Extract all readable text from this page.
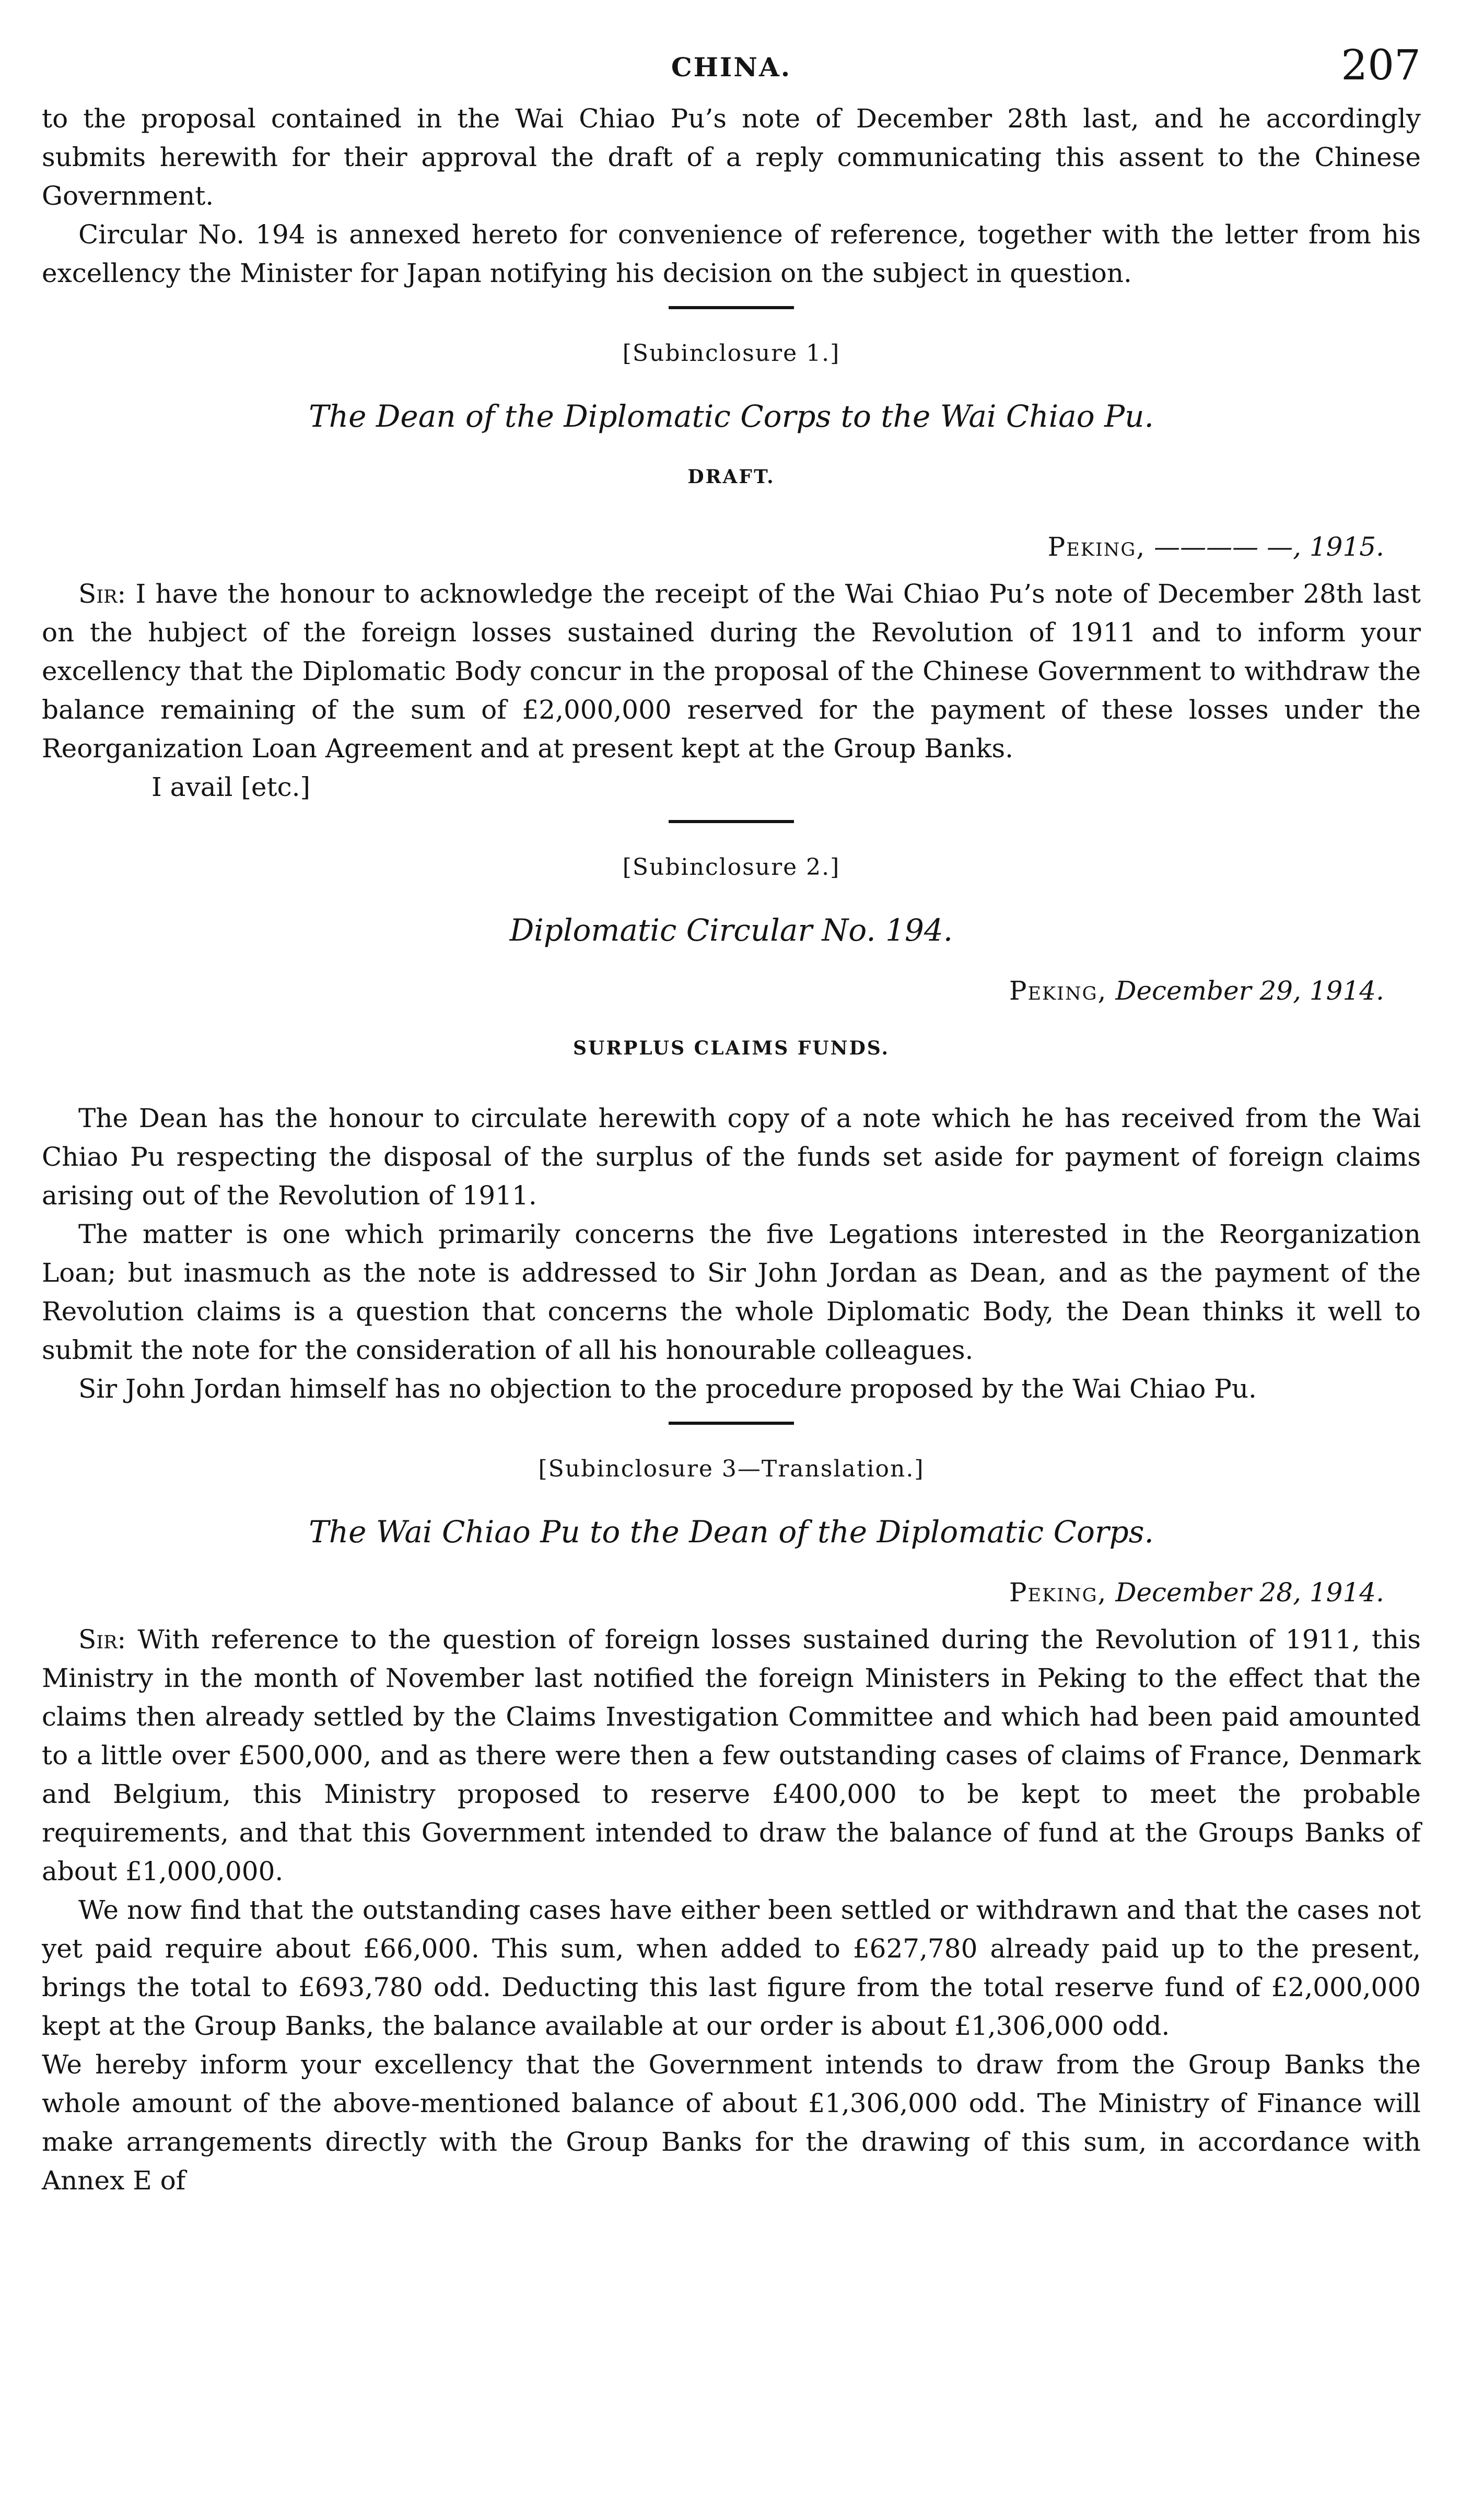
CHINA.	207

to the proposal contained in the Wai Chiao Pu’s note of December 28th last, and he accordingly submits herewith for their approval the draft of a reply communicating this assent to the Chinese Government.

Circular No. 194 is annexed hereto for convenience of reference, together with the letter from his excellency the Minister for Japan notifying his decision on the subject in question.

[Subinclosure 1.]
The Dean of the Diplomatic Corps to the Wai Chiao Pu.
DRAFT.
Peking, ———— —, 1915.

Sir: I have the honour to acknowledge the receipt of the Wai Chiao Pu’s note of December 28th last on the hubject of the foreign losses sustained during the Revolution of 1911 and to inform your excellency that the Diplomatic Body concur in the proposal of the Chinese Government to withdraw the balance remaining of the sum of £2,000,000 reserved for the payment of these losses under the Reorganization Loan Agreement and at present kept at the Group Banks.

I avail [etc.]

[Subinclosure 2.]
Diplomatic Circular No. 194.
Peking, December 29, 1914.
SURPLUS CLAIMS FUNDS.

The Dean has the honour to circulate herewith copy of a note which he has received from the Wai Chiao Pu respecting the disposal of the surplus of the funds set aside for payment of foreign claims arising out of the Revolution of 1911.

The matter is one which primarily concerns the five Legations interested in the Reorganization Loan; but inasmuch as the note is addressed to Sir John Jordan as Dean, and as the payment of the Revolution claims is a question that concerns the whole Diplomatic Body, the Dean thinks it well to submit the note for the consideration of all his honourable colleagues.

Sir John Jordan himself has no objection to the procedure proposed by the Wai Chiao Pu.

[Subinclosure 3—Translation.]
The Wai Chiao Pu to the Dean of the Diplomatic Corps.
Peking, December 28, 1914.

Sir: With reference to the question of foreign losses sustained during the Revolution of 1911, this Ministry in the month of November last notified the foreign Ministers in Peking to the effect that the claims then already settled by the Claims Investigation Committee and which had been paid amounted to a little over £500,000, and as there were then a few outstanding cases of claims of France, Denmark and Belgium, this Ministry proposed to reserve £400,000 to be kept to meet the probable requirements, and that this Government intended to draw the balance of fund at the Groups Banks of about £1,000,000.

We now find that the outstanding cases have either been settled or withdrawn and that the cases not yet paid require about £66,000. This sum, when added to £627,780 already paid up to the present, brings the total to £693,780 odd. Deducting this last figure from the total reserve fund of £2,000,000 kept at the Group Banks, the balance available at our order is about £1,306,000 odd.

We hereby inform your excellency that the Government intends to draw from the Group Banks the whole amount of the above-mentioned balance of about £1,306,000 odd. The Ministry of Finance will make arrangements directly with the Group Banks for the drawing of this sum, in accordance with Annex E of
